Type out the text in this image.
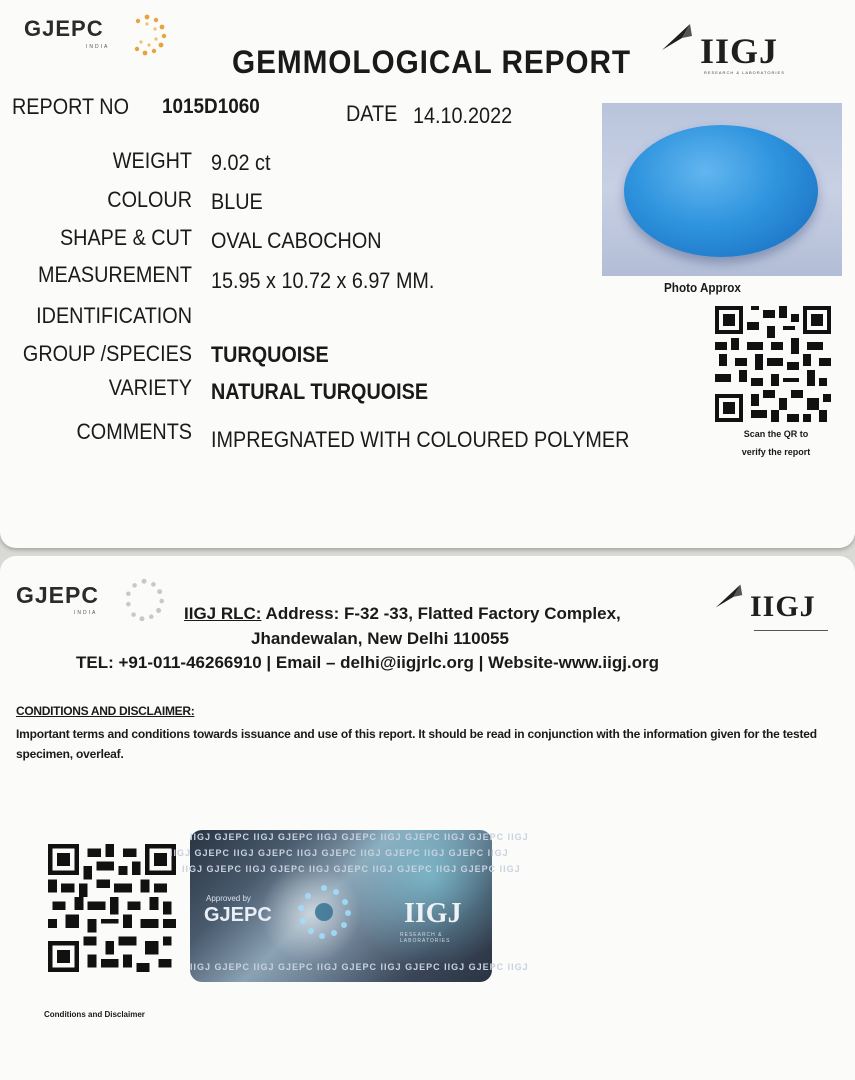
GJEPC
INDIA	IIGJ
RESEARCH & LABORATORIES
GEMMOLOGICAL REPORT
REPORT NO 1015D1060	DATE 14.10.2022
WEIGHT 9.02 ct
COLOUR BLUE
SHAPE & CUT OVAL CABOCHON
MEASUREMENT 15.95 x 10.72 x 6.97 MM.
IDENTIFICATION
GROUP /SPECIES TURQUOISE
VARIETY NATURAL TURQUOISE
COMMENTS IMPREGNATED WITH COLOURED POLYMER
Photo Approx
Scan the QR to
verify the report
GJEPC
INDIA	IIGJ
IIGJ RLC: Address: F-32 -33, Flatted Factory Complex,
Jhandewalan, New Delhi 110055
TEL: +91-011-46266910 | Email – delhi@iigjrlc.org | Website-www.iigj.org
CONDITIONS AND DISCLAIMER:
Important terms and conditions towards issuance and use of this report. It should be read in conjunction with the information given for the tested specimen, overleaf.
Conditions and Disclaimer
IIGJ GJEPC IIGJ GJEPC IIGJ GJEPC IIGJ GJEPC IIGJ GJEPC IIGJ
IIGJ GJEPC IIGJ GJEPC IIGJ GJEPC IIGJ GJEPC IIGJ GJEPC IIGJ
IIGJ GJEPC IIGJ GJEPC IIGJ GJEPC IIGJ GJEPC IIGJ GJEPC IIGJ
Approved by
GJEPC	IIGJ
RESEARCH & LABORATORIES
IIGJ GJEPC IIGJ GJEPC IIGJ GJEPC IIGJ GJEPC IIGJ GJEPC IIGJ
